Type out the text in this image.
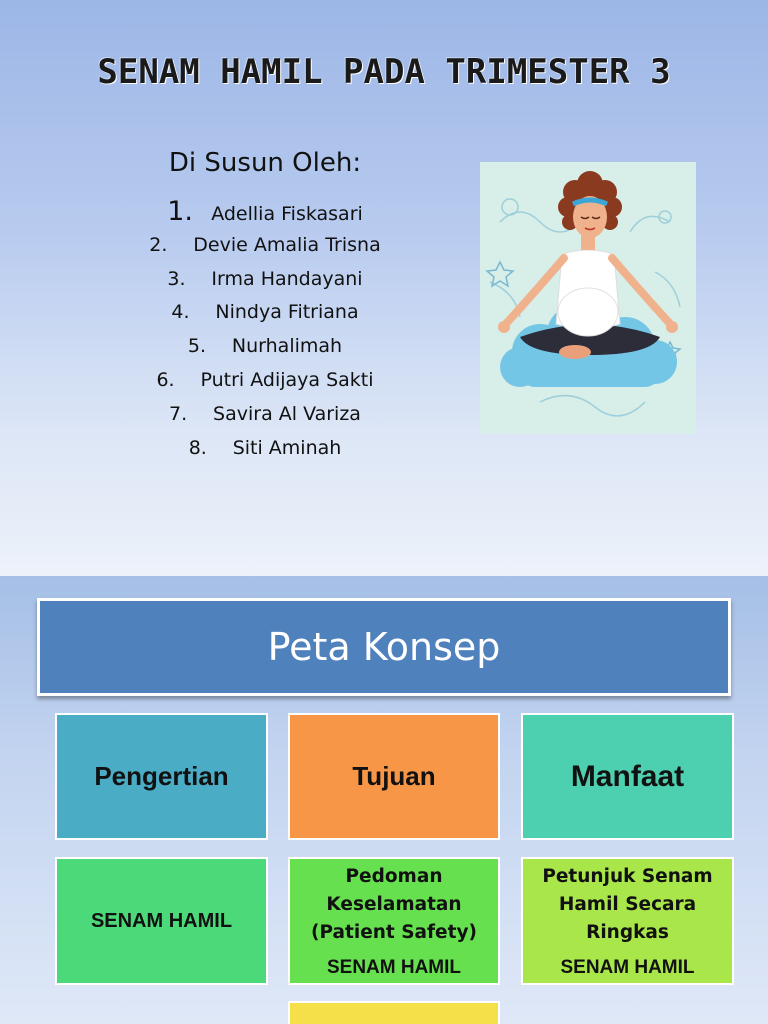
SENAM HAMIL PADA TRIMESTER 3
Di Susun Oleh:
1. Adellia Fiskasari
2. Devie Amalia Trisna
3. Irma Handayani
4. Nindya Fitriana
5. Nurhalimah
6. Putri Adijaya Sakti
7. Savira Al Variza
8. Siti Aminah
Peta Konsep
Pengertian	Tujuan	Manfaat
SENAM HAMIL
Pedoman
Keselamatan
(Patient Safety)
SENAM HAMIL
Petunjuk Senam
Hamil Secara
Ringkas
SENAM HAMIL
